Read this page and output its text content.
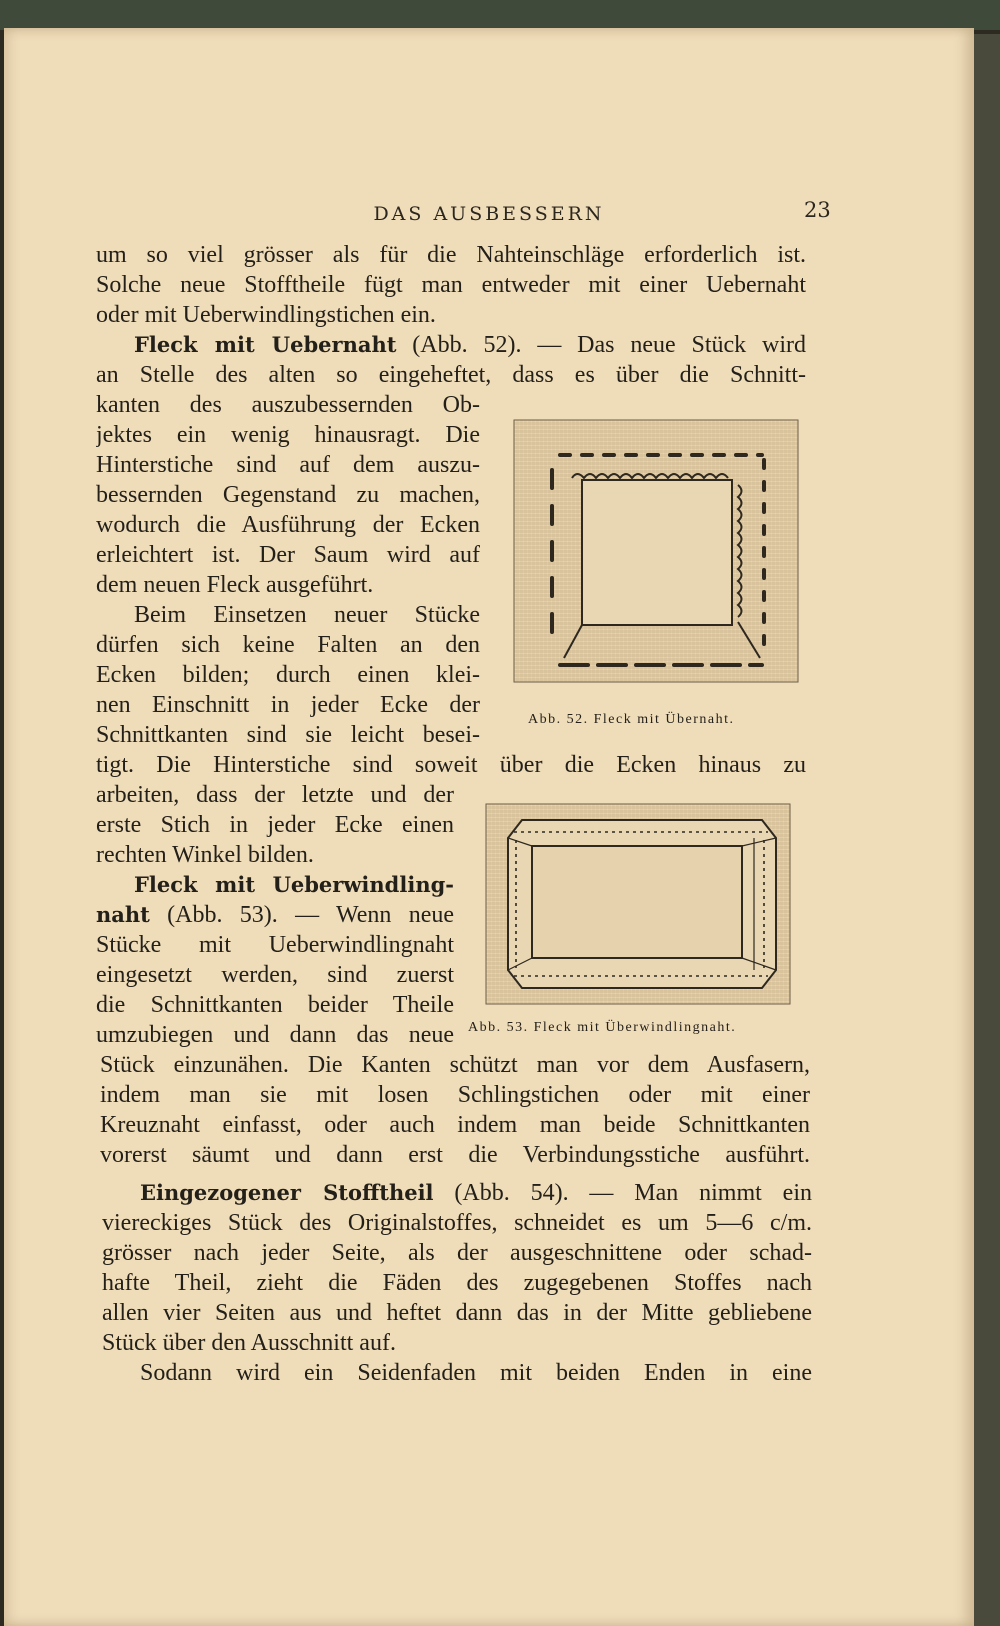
DAS AUSBESSERN	23
um so viel grösser als für die Nahteinschläge erforderlich ist.
Solche neue Stofftheile fügt man entweder mit einer Uebernaht
oder mit Ueberwindlingstichen ein.
Fleck mit Uebernaht (Abb. 52). — Das neue Stück wird
an Stelle des alten so eingeheftet, dass es über die Schnitt-
kanten des auszubessernden Ob-
jektes ein wenig hinausragt. Die
Hinterstiche sind auf dem auszu-
bessernden Gegenstand zu machen,
wodurch die Ausführung der Ecken
erleichtert ist. Der Saum wird auf
dem neuen Fleck ausgeführt.
Beim Einsetzen neuer Stücke
dürfen sich keine Falten an den
Ecken bilden; durch einen klei-
nen Einschnitt in jeder Ecke der
Schnittkanten sind sie leicht besei-
Abb. 52. Fleck mit Übernaht.
tigt. Die Hinterstiche sind soweit über die Ecken hinaus zu
arbeiten, dass der letzte und der
erste Stich in jeder Ecke einen
rechten Winkel bilden.
Fleck mit Ueberwindling-
naht (Abb. 53). — Wenn neue
Stücke mit Ueberwindlingnaht
eingesetzt werden, sind zuerst
die Schnittkanten beider Theile
umzubiegen und dann das neue Abb. 53. Fleck mit Überwindlingnaht.
Stück einzunähen. Die Kanten schützt man vor dem Ausfasern,
indem man sie mit losen Schlingstichen oder mit einer
Kreuznaht einfasst, oder auch indem man beide Schnittkanten
vorerst säumt und dann erst die Verbindungsstiche ausführt.
Eingezogener Stofftheil (Abb. 54). — Man nimmt ein
viereckiges Stück des Originalstoffes, schneidet es um 5—6 c/m.
grösser nach jeder Seite, als der ausgeschnittene oder schad-
hafte Theil, zieht die Fäden des zugegebenen Stoffes nach
allen vier Seiten aus und heftet dann das in der Mitte gebliebene
Stück über den Ausschnitt auf.
Sodann wird ein Seidenfaden mit beiden Enden in eine
